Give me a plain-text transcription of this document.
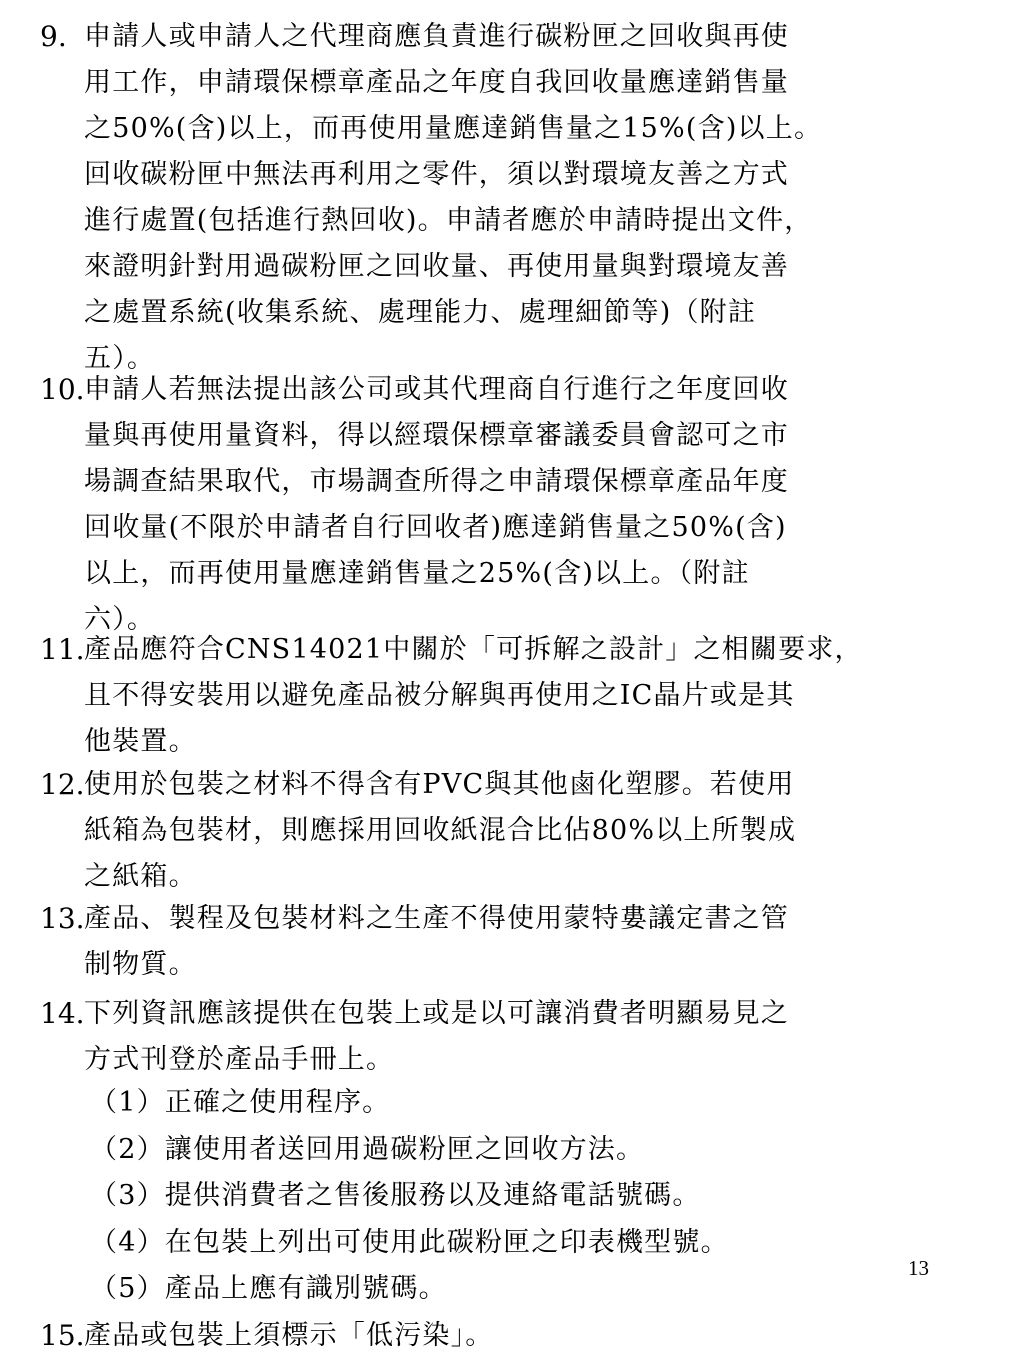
9. 申請人或申請人之代理商應負責進行碳粉匣之回收與再使
用工作，申請環保標章產品之年度自我回收量應達銷售量
之50%(含)以上，而再使用量應達銷售量之15%(含)以上。
回收碳粉匣中無法再利用之零件，須以對環境友善之方式
進行處置(包括進行熱回收)。申請者應於申請時提出文件，
來證明針對用過碳粉匣之回收量、再使用量與對環境友善
之處置系統(收集系統、處理能力、處理細節等)（附註
五）。
10. 申請人若無法提出該公司或其代理商自行進行之年度回收
量與再使用量資料，得以經環保標章審議委員會認可之市
場調查結果取代，市場調查所得之申請環保標章產品年度
回收量(不限於申請者自行回收者)應達銷售量之50%(含)
以上，而再使用量應達銷售量之25%(含)以上。（附註
六）。
11. 產品應符合CNS14021中關於「可拆解之設計」之相關要求，
且不得安裝用以避免產品被分解與再使用之IC晶片或是其
他裝置。
12. 使用於包裝之材料不得含有PVC與其他鹵化塑膠。若使用
紙箱為包裝材，則應採用回收紙混合比佔80%以上所製成
之紙箱。
13. 產品、製程及包裝材料之生產不得使用蒙特婁議定書之管
制物質。
14. 下列資訊應該提供在包裝上或是以可讓消費者明顯易見之
方式刊登於產品手冊上。
（1）正確之使用程序。
（2）讓使用者送回用過碳粉匣之回收方法。
（3）提供消費者之售後服務以及連絡電話號碼。
（4）在包裝上列出可使用此碳粉匣之印表機型號。
（5）產品上應有識別號碼。
15. 產品或包裝上須標示「低污染」。
13
